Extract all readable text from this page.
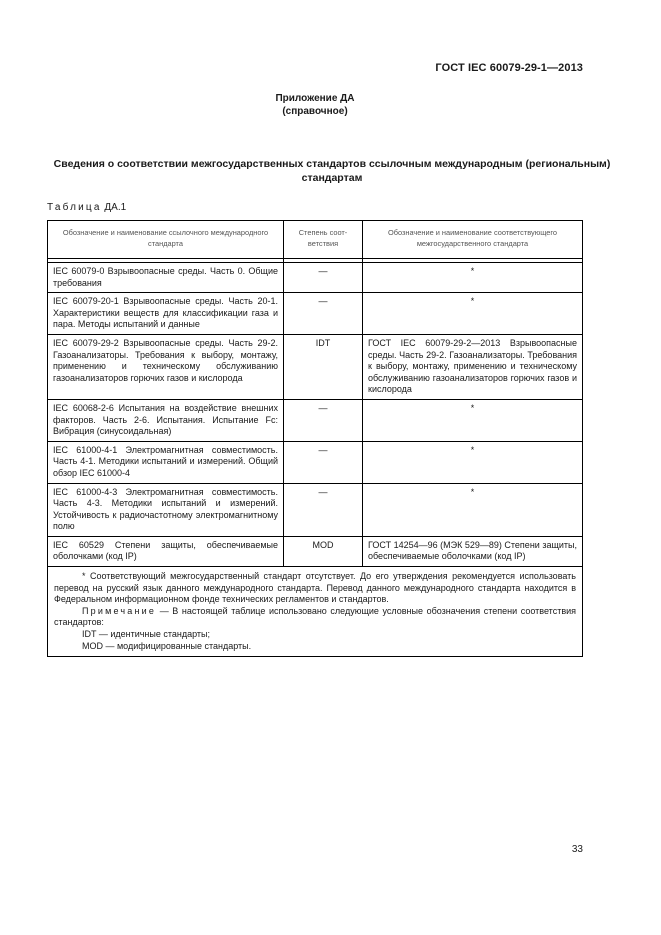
ГОСТ IEC 60079-29-1—2013
Приложение ДА
(справочное)
Сведения о соответствии межгосударственных стандартов ссылочным международным (региональным) стандартам
Таблица ДА.1
Обозначение и наименование ссылочного международного стандарта	Степень соответствия	Обозначение и наименование соответствующего межгосударственного стандарта

IEC 60079-0 Взрывоопасные среды. Часть 0. Общие требования	—	*
IEC 60079-20-1 Взрывоопасные среды. Часть 20-1. Характеристики веществ для классификации газа и пара. Методы испытаний и данные	—	*
IEC 60079-29-2 Взрывоопасные среды. Часть 29-2. Газоанализаторы. Требования к выбору, монтажу, применению и техническому обслуживанию газоанализаторов горючих газов и кислорода	IDT	ГОСТ IEC 60079-29-2—2013 Взрывоопасные среды. Часть 29-2. Газоанализаторы. Требования к выбору, монтажу, применению и техническому обслуживанию газоанализаторов горючих газов и кислорода
IEC 60068-2-6 Испытания на воздействие внешних факторов. Часть 2-6. Испытания. Испытание Fc: Вибрация (синусоидальная)	—	*
IEC 61000-4-1 Электромагнитная совместимость. Часть 4-1. Методики испытаний и измерений. Общий обзор IEC 61000-4	—	*
IEC 61000-4-3 Электромагнитная совместимость. Часть 4-3. Методики испытаний и измерений. Устойчивость к радиочастотному электромагнитному полю	—	*
IEC 60529 Степени защиты, обеспечиваемые оболочками (код IP)	MOD	ГОСТ 14254—96 (МЭК 529—89) Степени защиты, обеспечиваемые оболочками (код IP)

* Соответствующий межгосударственный стандарт отсутствует. До его утверждения рекомендуется использовать перевод на русский язык данного международного стандарта. Перевод данного международного стандарта находится в Федеральном информационном фонде технических регламентов и стандартов.

Примечание — В настоящей таблице использовано следующие условные обозначения степени соответствия стандартов:

IDT — идентичные стандарты;

MOD — модифицированные стандарты.		

33
